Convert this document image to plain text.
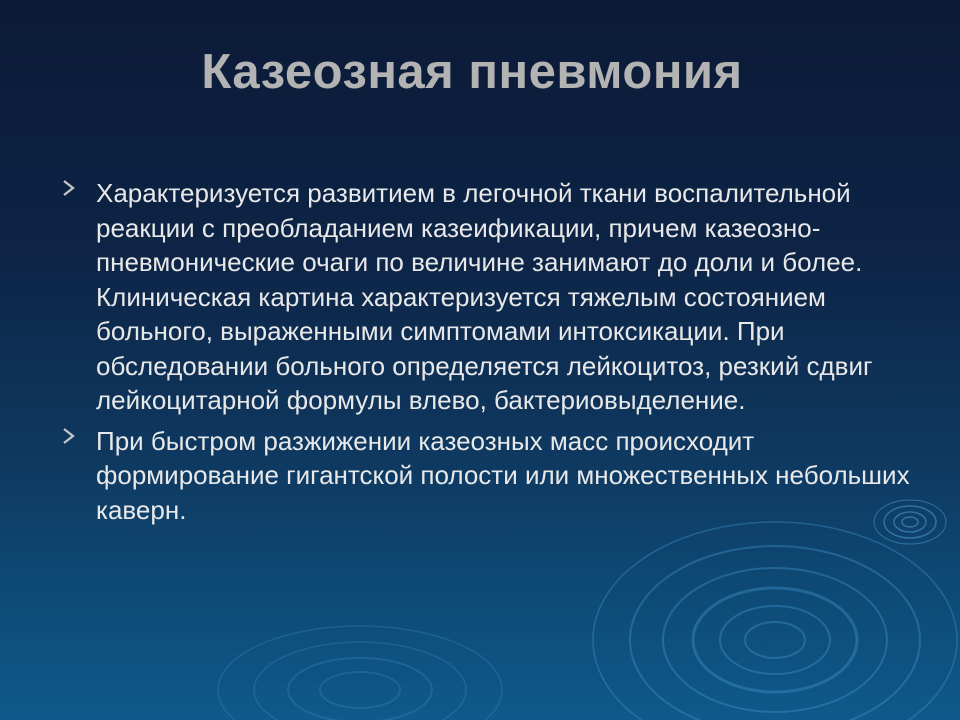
Казеозная пневмония
Характеризуется развитием в легочной ткани воспалительной реакции с преобладанием казеификации, причем казеозно-пневмонические очаги по величине занимают до доли и более. Клиническая картина характеризуется тяжелым состоянием больного, выраженными симптомами интоксикации. При обследовании больного определяется лейкоцитоз, резкий сдвиг лейкоцитарной формулы влево, бактериовыделение.
При быстром разжижении казеозных масс происходит формирование гигантской полости или множественных небольших каверн.
